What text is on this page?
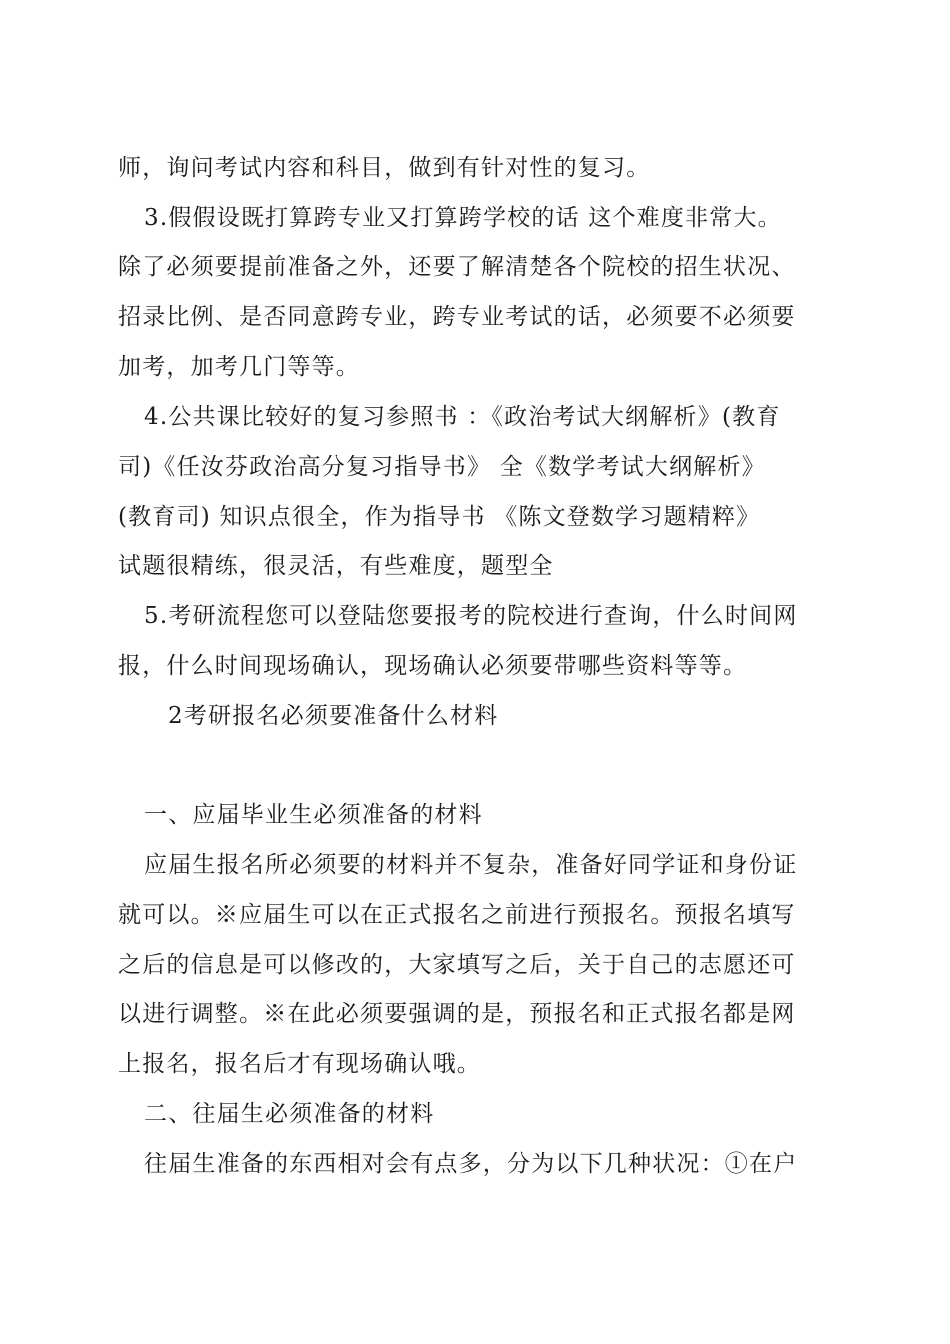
师，询问考试内容和科目，做到有针对性的复习。
3.假假设既打算跨专业又打算跨学校的话 这个难度非常大。
除了必须要提前准备之外，还要了解清楚各个院校的招生状况、
招录比例、是否同意跨专业，跨专业考试的话，必须要不必须要
加考，加考几门等等。
4.公共课比较好的复习参照书 ：《政治考试大纲解析》(教育
司)《任汝芬政治高分复习指导书》 全《数学考试大纲解析》
(教育司) 知识点很全，作为指导书 《陈文登数学习题精粹》
试题很精练，很灵活，有些难度，题型全
5.考研流程您可以登陆您要报考的院校进行查询，什么时间网
报，什么时间现场确认，现场确认必须要带哪些资料等等。
2考研报名必须要准备什么材料
一、应届毕业生必须准备的材料
应届生报名所必须要的材料并不复杂，准备好同学证和身份证
就可以。※应届生可以在正式报名之前进行预报名。预报名填写
之后的信息是可以修改的，大家填写之后，关于自己的志愿还可
以进行调整。※在此必须要强调的是，预报名和正式报名都是网
上报名，报名后才有现场确认哦。
二、往届生必须准备的材料
往届生准备的东西相对会有点多，分为以下几种状况：①在户
